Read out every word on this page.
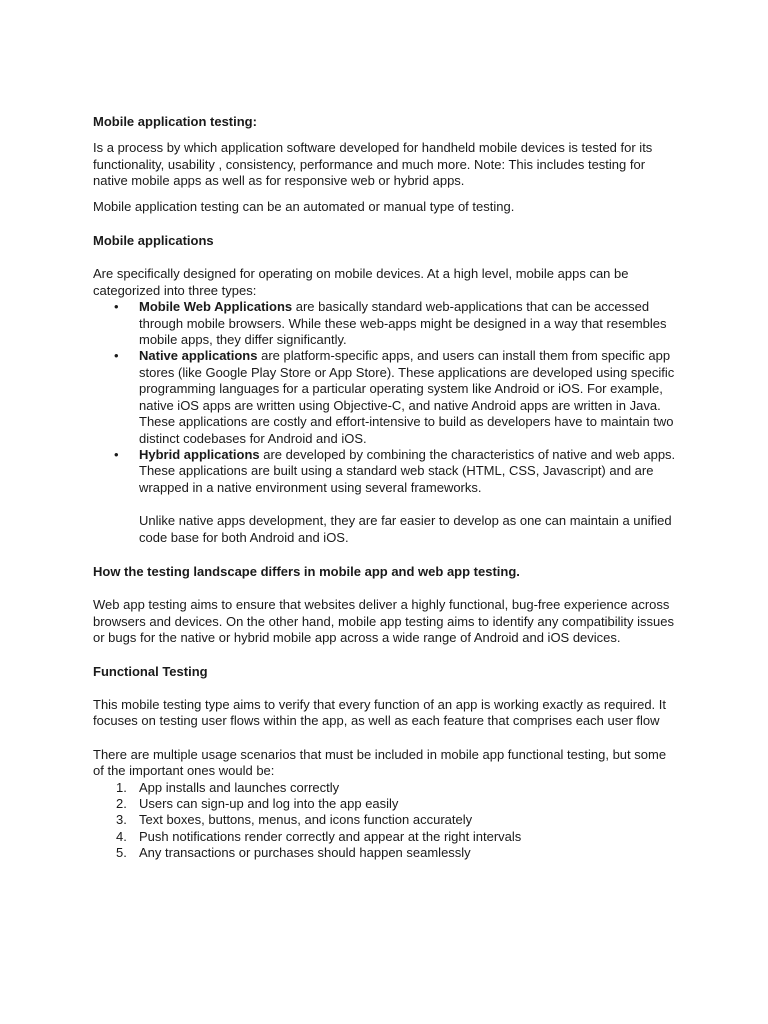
Mobile application testing:

Is a process by which application software developed for handheld mobile devices is tested for its functionality, usability , consistency, performance and much more. Note: This includes testing for native mobile apps as well as for responsive web or hybrid apps.

Mobile application testing can be an automated or manual type of testing.

Mobile applications

Are specifically designed for operating on mobile devices. At a high level, mobile apps can be categorized into three types:

• Mobile Web Applications are basically standard web-applications that can be accessed through mobile browsers. While these web-apps might be designed in a way that resembles mobile apps, they differ significantly.
• Native applications are platform-specific apps, and users can install them from specific app stores (like Google Play Store or App Store). These applications are developed using specific programming languages for a particular operating system like Android or iOS. For example, native iOS apps are written using Objective-C, and native Android apps are written in Java. These applications are costly and effort-intensive to build as developers have to maintain two distinct codebases for Android and iOS.
• Hybrid applications are developed by combining the characteristics of native and web apps. These applications are built using a standard web stack (HTML, CSS, Javascript) and are wrapped in a native environment using several frameworks.

Unlike native apps development, they are far easier to develop as one can maintain a unified code base for both Android and iOS.

How the testing landscape differs in mobile app and web app testing.

Web app testing aims to ensure that websites deliver a highly functional, bug-free experience across browsers and devices. On the other hand, mobile app testing aims to identify any compatibility issues or bugs for the native or hybrid mobile app across a wide range of Android and iOS devices.

Functional Testing

This mobile testing type aims to verify that every function of an app is working exactly as required. It focuses on testing user flows within the app, as well as each feature that comprises each user flow

There are multiple usage scenarios that must be included in mobile app functional testing, but some of the important ones would be:

1. App installs and launches correctly
2. Users can sign-up and log into the app easily
3. Text boxes, buttons, menus, and icons function accurately
4. Push notifications render correctly and appear at the right intervals
5. Any transactions or purchases should happen seamlessly
